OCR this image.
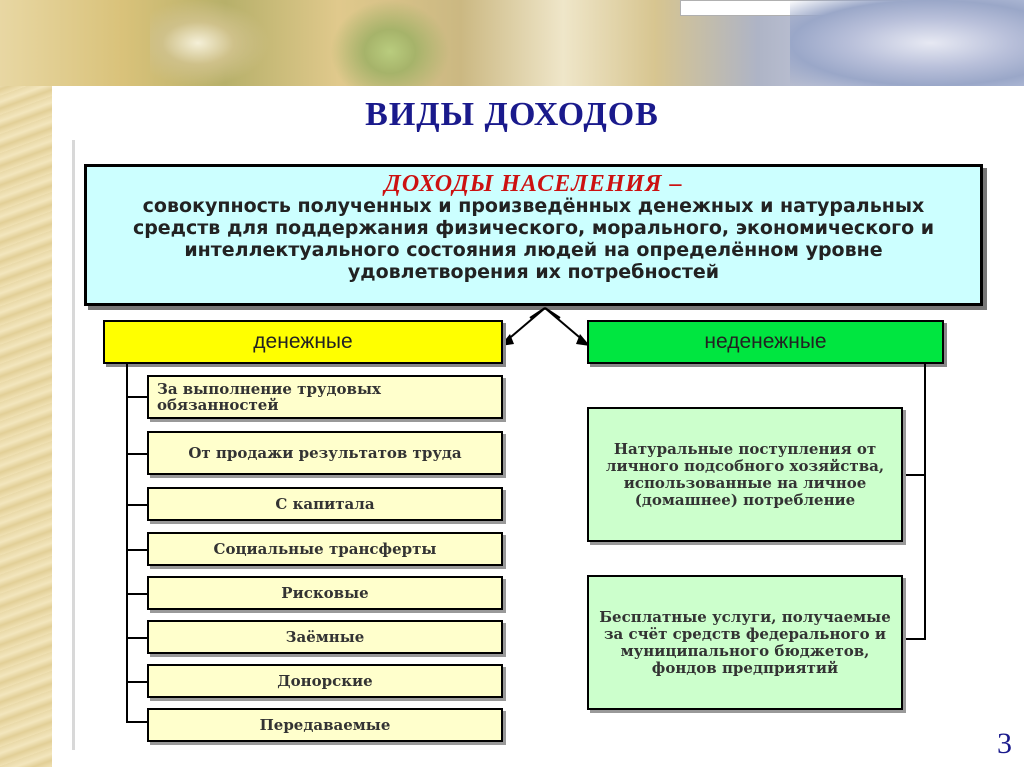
ВИДЫ ДОХОДОВ
ДОХОДЫ НАСЕЛЕНИЯ –
совокупность полученных и произведённых денежных и натуральных средств для поддержания физического, морального, экономического и интеллектуального состояния людей на определённом уровне удовлетворения их потребностей
денежные	неденежные
За выполнение трудовых обязанностей
От продажи результатов труда
С капитала
Социальные трансферты
Рисковые
Заёмные
Донорские
Передаваемые
Натуральные поступления от личного подсобного хозяйства, использованные на личное (домашнее) потребление
Бесплатные услуги, получаемые за счёт средств федерального и муниципального бюджетов, фондов предприятий
3
